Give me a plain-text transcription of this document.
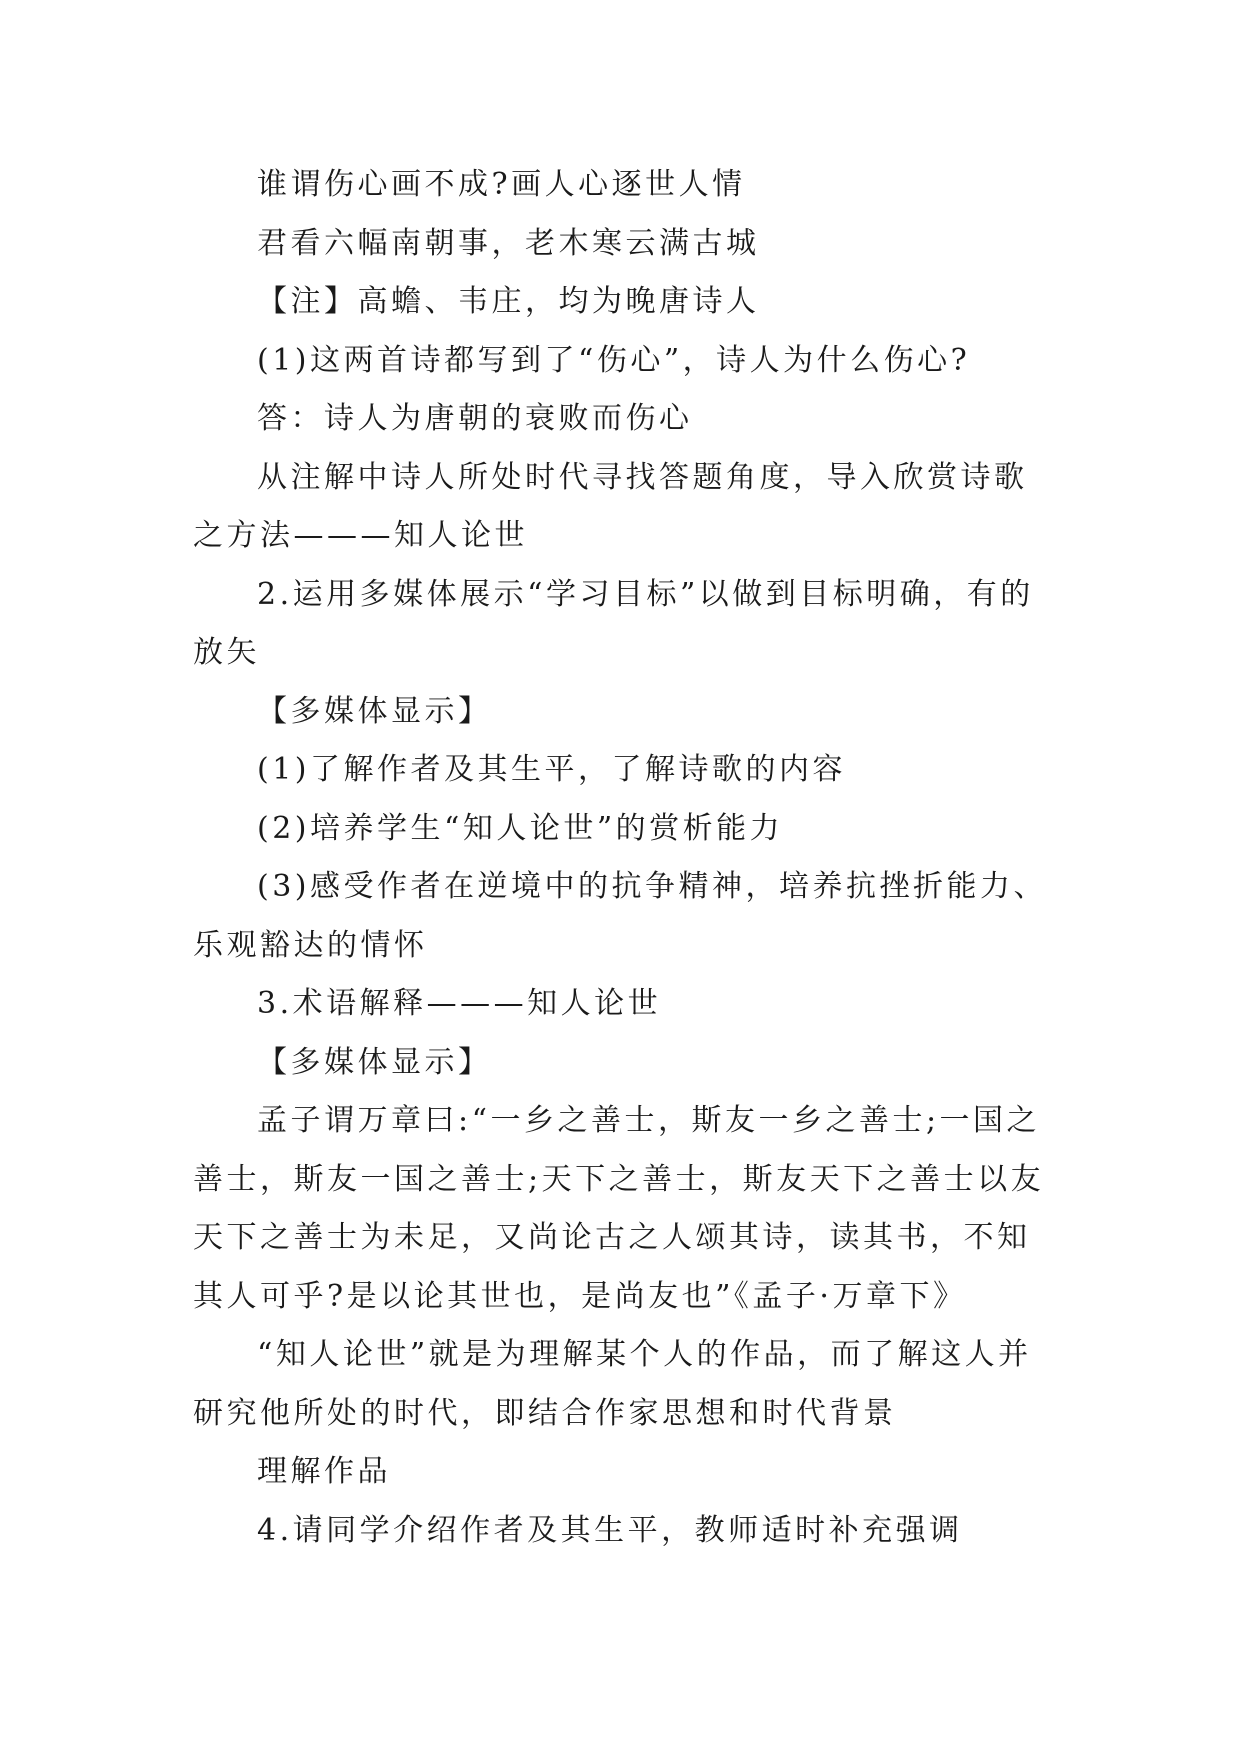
谁谓伤心画不成?画人心逐世人情

君看六幅南朝事，老木寒云满古城

【注】高蟾、韦庄，均为晚唐诗人

(1)这两首诗都写到了“伤心”，诗人为什么伤心?

答：诗人为唐朝的衰败而伤心

从注解中诗人所处时代寻找答题角度，导入欣赏诗歌之方法———知人论世

2.运用多媒体展示“学习目标”以做到目标明确，有的放矢

【多媒体显示】

(1)了解作者及其生平，了解诗歌的内容

(2)培养学生“知人论世”的赏析能力

(3)感受作者在逆境中的抗争精神，培养抗挫折能力、乐观豁达的情怀

3.术语解释———知人论世

【多媒体显示】

孟子谓万章曰:“一乡之善士，斯友一乡之善士;一国之善士，斯友一国之善士;天下之善士，斯友天下之善士以友天下之善士为未足，又尚论古之人颂其诗，读其书，不知其人可乎?是以论其世也，是尚友也”《孟子·万章下》

“知人论世”就是为理解某个人的作品，而了解这人并研究他所处的时代，即结合作家思想和时代背景

理解作品

4.请同学介绍作者及其生平，教师适时补充强调
